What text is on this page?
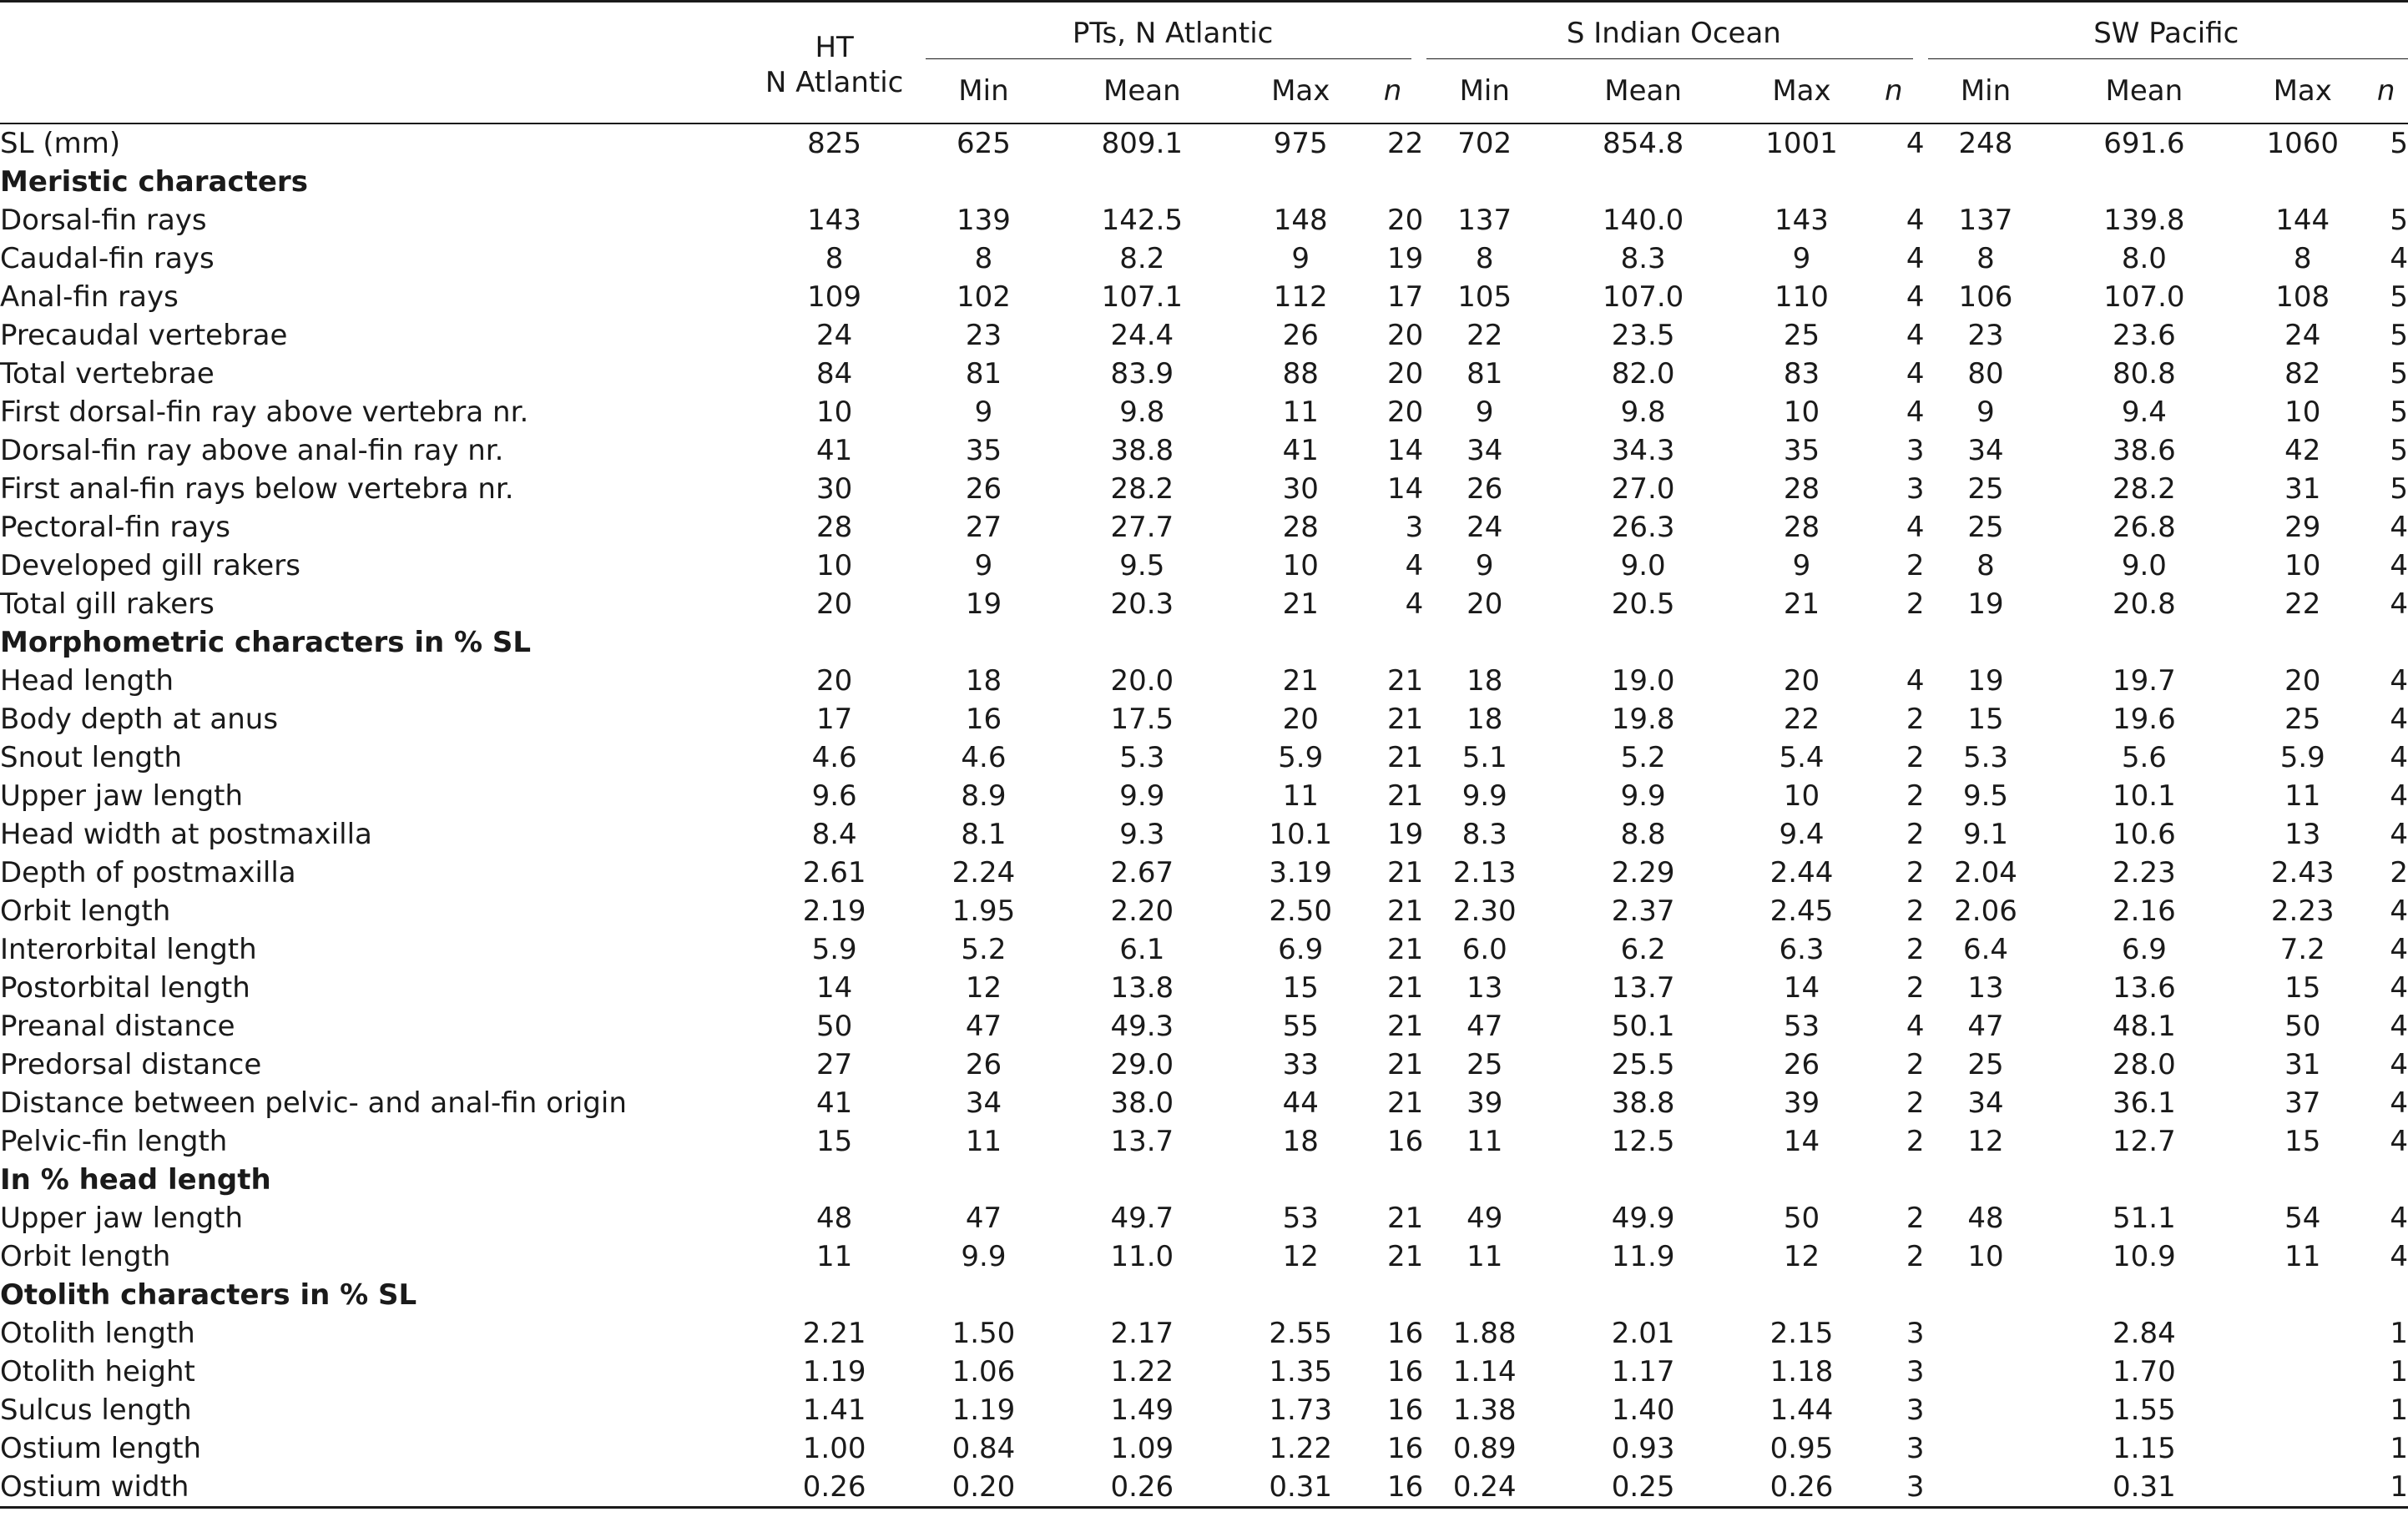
	HT
N Atlantic	PTs, N Atlantic				S Indian Ocean				SW Pacific			

		Min	Mean	Max	n	Min	Mean	Max	n	Min	Mean	Max	n
SL (mm)	825	625	809.1	975	22	702	854.8	1001	4	248	691.6	1060	5
Meristic characters													
Dorsal-fin rays	143	139	142.5	148	20	137	140.0	143	4	137	139.8	144	5
Caudal-fin rays	8	8	8.2	9	19	8	8.3	9	4	8	8.0	8	4
Anal-fin rays	109	102	107.1	112	17	105	107.0	110	4	106	107.0	108	5
Precaudal vertebrae	24	23	24.4	26	20	22	23.5	25	4	23	23.6	24	5
Total vertebrae	84	81	83.9	88	20	81	82.0	83	4	80	80.8	82	5
First dorsal-fin ray above vertebra nr.	10	9	9.8	11	20	9	9.8	10	4	9	9.4	10	5
Dorsal-fin ray above anal-fin ray nr.	41	35	38.8	41	14	34	34.3	35	3	34	38.6	42	5
First anal-fin rays below vertebra nr.	30	26	28.2	30	14	26	27.0	28	3	25	28.2	31	5
Pectoral-fin rays	28	27	27.7	28	3	24	26.3	28	4	25	26.8	29	4
Developed gill rakers	10	9	9.5	10	4	9	9.0	9	2	8	9.0	10	4
Total gill rakers	20	19	20.3	21	4	20	20.5	21	2	19	20.8	22	4
Morphometric characters in % SL													
Head length	20	18	20.0	21	21	18	19.0	20	4	19	19.7	20	4
Body depth at anus	17	16	17.5	20	21	18	19.8	22	2	15	19.6	25	4
Snout length	4.6	4.6	5.3	5.9	21	5.1	5.2	5.4	2	5.3	5.6	5.9	4
Upper jaw length	9.6	8.9	9.9	11	21	9.9	9.9	10	2	9.5	10.1	11	4
Head width at postmaxilla	8.4	8.1	9.3	10.1	19	8.3	8.8	9.4	2	9.1	10.6	13	4
Depth of postmaxilla	2.61	2.24	2.67	3.19	21	2.13	2.29	2.44	2	2.04	2.23	2.43	2
Orbit length	2.19	1.95	2.20	2.50	21	2.30	2.37	2.45	2	2.06	2.16	2.23	4
Interorbital length	5.9	5.2	6.1	6.9	21	6.0	6.2	6.3	2	6.4	6.9	7.2	4
Postorbital length	14	12	13.8	15	21	13	13.7	14	2	13	13.6	15	4
Preanal distance	50	47	49.3	55	21	47	50.1	53	4	47	48.1	50	4
Predorsal distance	27	26	29.0	33	21	25	25.5	26	2	25	28.0	31	4
Distance between pelvic- and anal-fin origin	41	34	38.0	44	21	39	38.8	39	2	34	36.1	37	4
Pelvic-fin length	15	11	13.7	18	16	11	12.5	14	2	12	12.7	15	4
In % head length													
Upper jaw length	48	47	49.7	53	21	49	49.9	50	2	48	51.1	54	4
Orbit length	11	9.9	11.0	12	21	11	11.9	12	2	10	10.9	11	4
Otolith characters in % SL													
Otolith length	2.21	1.50	2.17	2.55	16	1.88	2.01	2.15	3		2.84		1
Otolith height	1.19	1.06	1.22	1.35	16	1.14	1.17	1.18	3		1.70		1
Sulcus length	1.41	1.19	1.49	1.73	16	1.38	1.40	1.44	3		1.55		1
Ostium length	1.00	0.84	1.09	1.22	16	0.89	0.93	0.95	3		1.15		1
Ostium width	0.26	0.20	0.26	0.31	16	0.24	0.25	0.26	3		0.31		1
